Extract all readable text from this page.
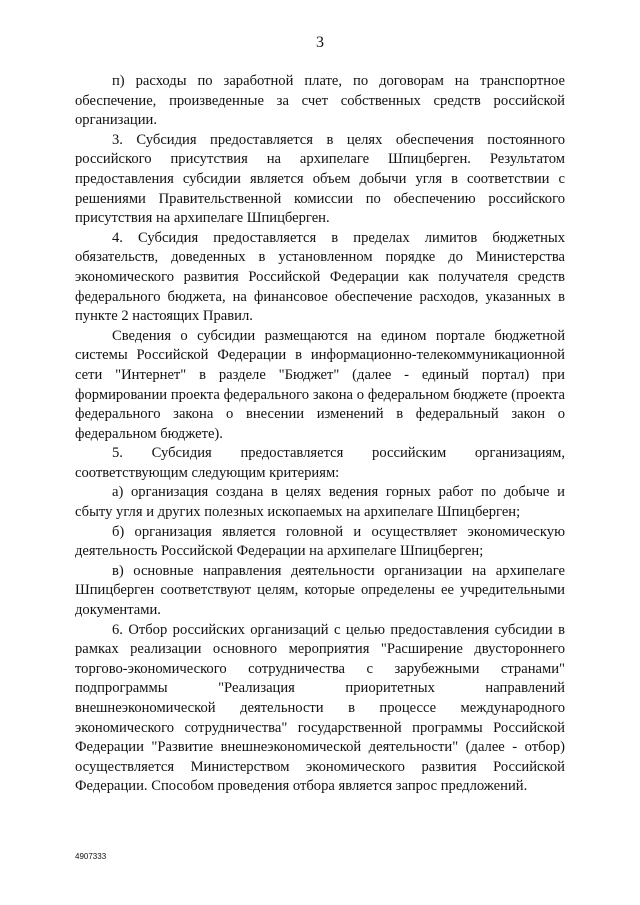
3

п) расходы по заработной плате, по договорам на транспортное обеспечение, произведенные за счет собственных средств российской организации.

3. Субсидия предоставляется в целях обеспечения постоянного российского присутствия на архипелаге Шпицберген. Результатом предоставления субсидии является объем добычи угля в соответствии с решениями Правительственной комиссии по обеспечению российского присутствия на архипелаге Шпицберген.

4. Субсидия предоставляется в пределах лимитов бюджетных обязательств, доведенных в установленном порядке до Министерства экономического развития Российской Федерации как получателя средств федерального бюджета, на финансовое обеспечение расходов, указанных в пункте 2 настоящих Правил.

Сведения о субсидии размещаются на едином портале бюджетной системы Российской Федерации в информационно-телекоммуникационной сети "Интернет" в разделе "Бюджет" (далее - единый портал) при формировании проекта федерального закона о федеральном бюджете (проекта федерального закона о внесении изменений в федеральный закон о федеральном бюджете).

5. Субсидия предоставляется российским организациям, соответствующим следующим критериям:

а) организация создана в целях ведения горных работ по добыче и сбыту угля и других полезных ископаемых на архипелаге Шпицберген;

б) организация является головной и осуществляет экономическую деятельность Российской Федерации на архипелаге Шпицберген;

в) основные направления деятельности организации на архипелаге Шпицберген соответствуют целям, которые определены ее учредительными документами.

6. Отбор российских организаций с целью предоставления субсидии в рамках реализации основного мероприятия "Расширение двустороннего торгово-экономического сотрудничества с зарубежными странами" подпрограммы "Реализация приоритетных направлений внешнеэкономической деятельности в процессе международного экономического сотрудничества" государственной программы Российской Федерации "Развитие внешнеэкономической деятельности" (далее - отбор) осуществляется Министерством экономического развития Российской Федерации. Способом проведения отбора является запрос предложений.

4907333
